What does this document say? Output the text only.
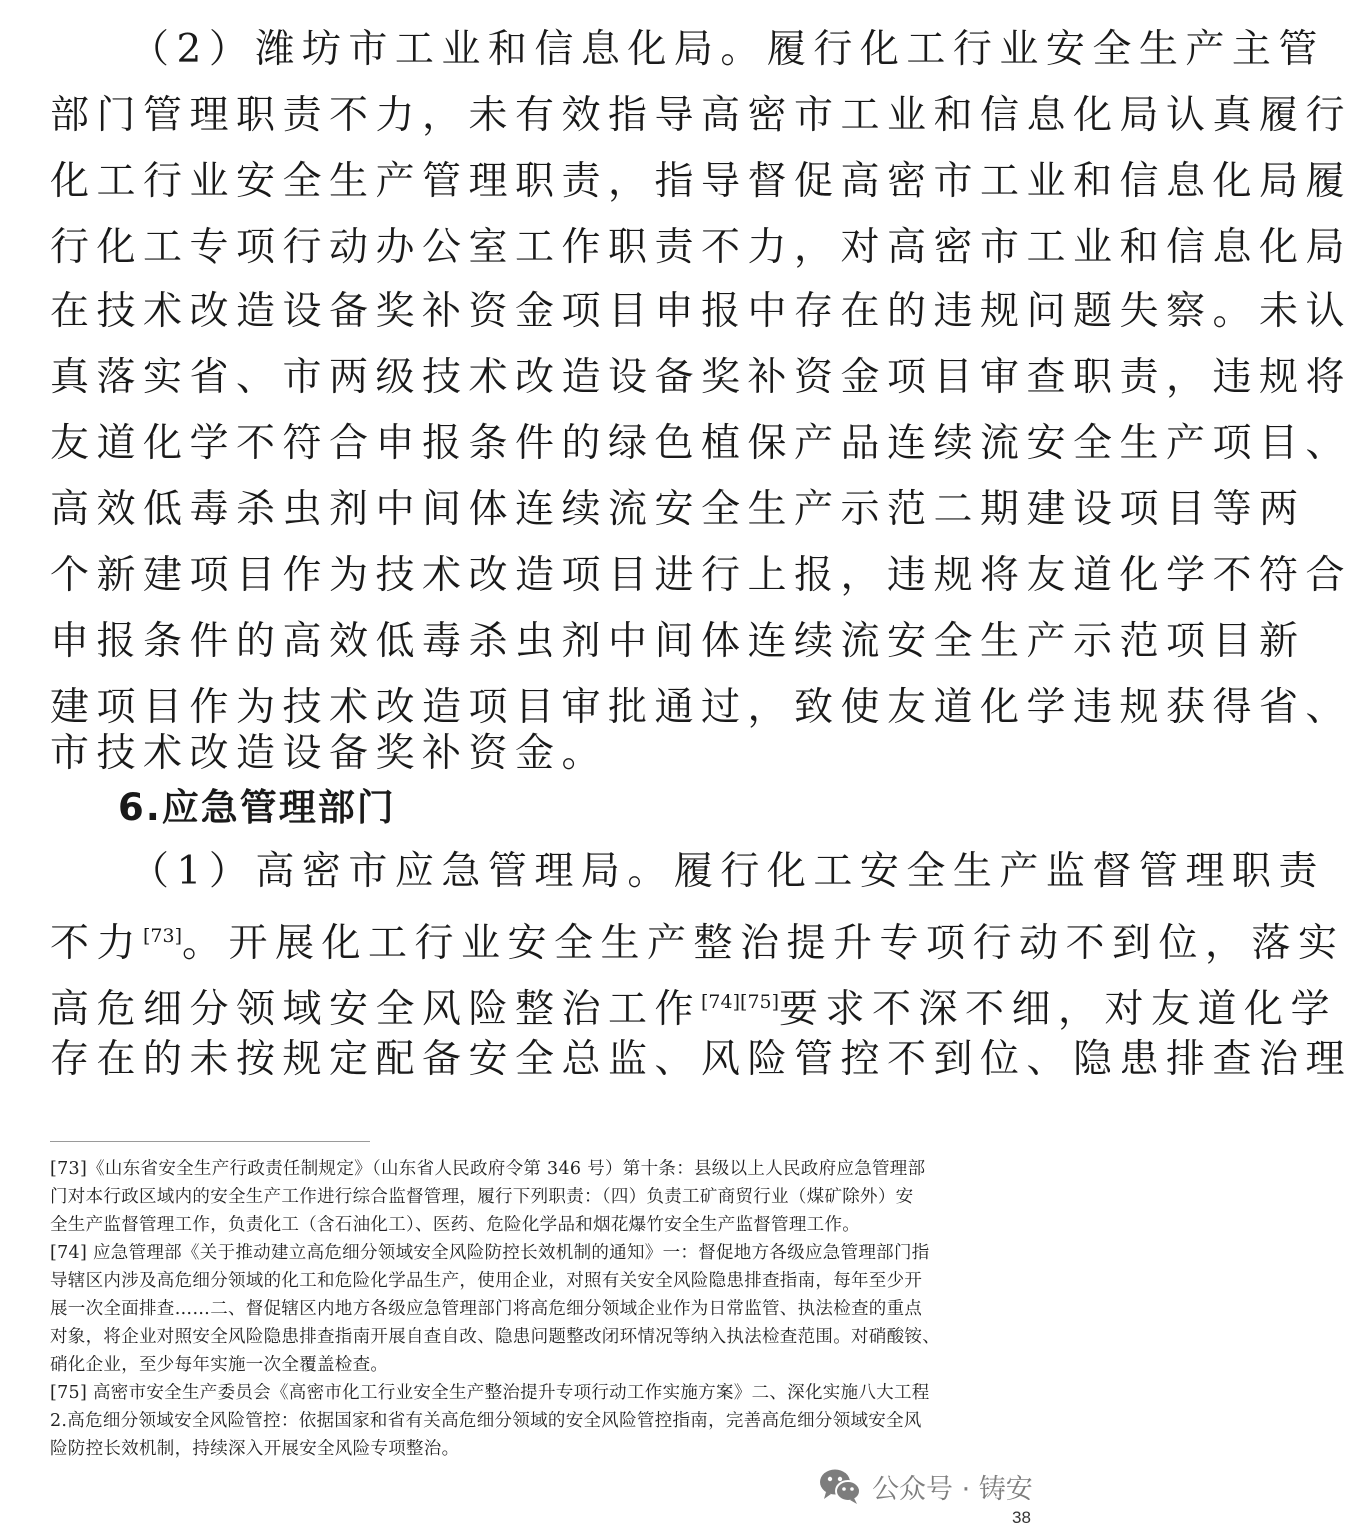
（2）潍坊市工业和信息化局。履行化工行业安全生产主管
部门管理职责不力，未有效指导高密市工业和信息化局认真履行
化工行业安全生产管理职责，指导督促高密市工业和信息化局履
行化工专项行动办公室工作职责不力，对高密市工业和信息化局
在技术改造设备奖补资金项目申报中存在的违规问题失察。未认
真落实省、市两级技术改造设备奖补资金项目审查职责，违规将
友道化学不符合申报条件的绿色植保产品连续流安全生产项目、
高效低毒杀虫剂中间体连续流安全生产示范二期建设项目等两
个新建项目作为技术改造项目进行上报，违规将友道化学不符合
申报条件的高效低毒杀虫剂中间体连续流安全生产示范项目新
建项目作为技术改造项目审批通过，致使友道化学违规获得省、
市技术改造设备奖补资金。
6.应急管理部门
（1）高密市应急管理局。履行化工安全生产监督管理职责
不力[73]。开展化工行业安全生产整治提升专项行动不到位，落实
高危细分领域安全风险整治工作[74][75]要求不深不细，对友道化学
存在的未按规定配备安全总监、风险管控不到位、隐患排查治理
[73]《山东省安全生产行政责任制规定》（山东省人民政府令第 346 号）第十条：县级以上人民政府应急管理部
门对本行政区域内的安全生产工作进行综合监督管理，履行下列职责：（四）负责工矿商贸行业（煤矿除外）安
全生产监督管理工作，负责化工（含石油化工）、医药、危险化学品和烟花爆竹安全生产监督管理工作。
[74] 应急管理部《关于推动建立高危细分领域安全风险防控长效机制的通知》一：督促地方各级应急管理部门指
导辖区内涉及高危细分领域的化工和危险化学品生产，使用企业，对照有关安全风险隐患排查指南，每年至少开
展一次全面排查……二、督促辖区内地方各级应急管理部门将高危细分领域企业作为日常监管、执法检查的重点
对象，将企业对照安全风险隐患排查指南开展自查自改、隐患问题整改闭环情况等纳入执法检查范围。对硝酸铵、
硝化企业，至少每年实施一次全覆盖检查。
[75] 高密市安全生产委员会《高密市化工行业安全生产整治提升专项行动工作实施方案》二、深化实施八大工程
2.高危细分领域安全风险管控：依据国家和省有关高危细分领域的安全风险管控指南，完善高危细分领域安全风
险防控长效机制，持续深入开展安全风险专项整治。
公众号 · 铸安
38
